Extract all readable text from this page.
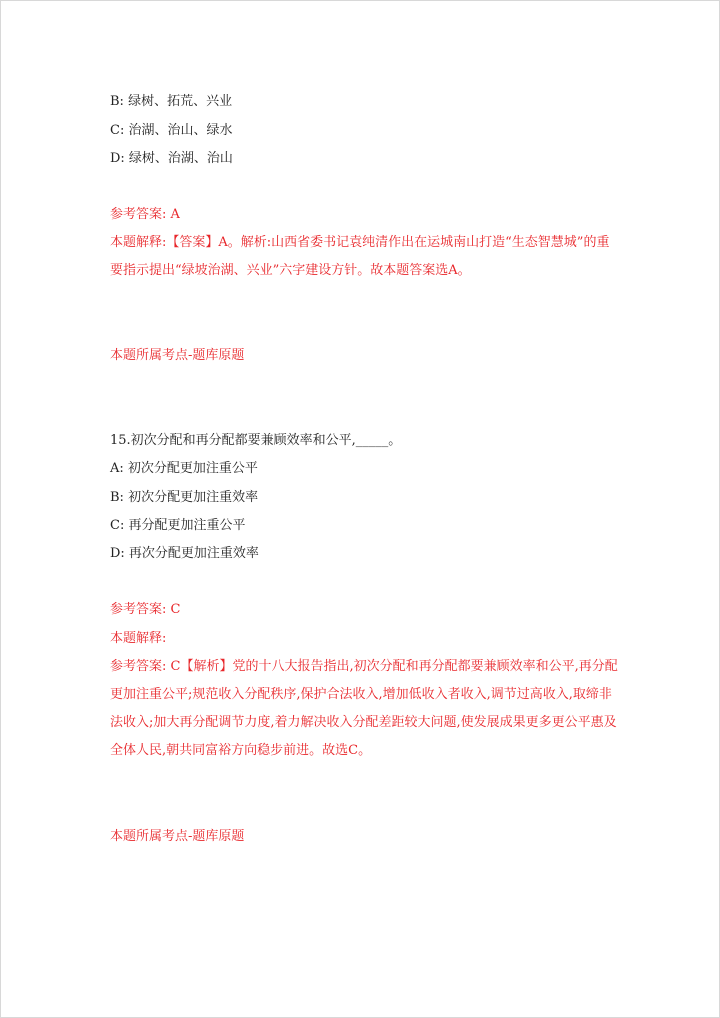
B: 绿树、拓荒、兴业
C: 治湖、治山、绿水
D: 绿树、治湖、治山
参考答案: A
本题解释:【答案】A。解析:山西省委书记袁纯清作出在运城南山打造“生态智慧城”的重要指示提出“绿坡治湖、兴业”六字建设方针。故本题答案选A。
本题所属考点-题库原题
15.初次分配和再分配都要兼顾效率和公平,_____。
A: 初次分配更加注重公平
B: 初次分配更加注重效率
C: 再分配更加注重公平
D: 再次分配更加注重效率
参考答案: C
本题解释:
参考答案: C【解析】党的十八大报告指出,初次分配和再分配都要兼顾效率和公平,再分配更加注重公平;规范收入分配秩序,保护合法收入,增加低收入者收入,调节过高收入,取缔非法收入;加大再分配调节力度,着力解决收入分配差距较大问题,使发展成果更多更公平惠及全体人民,朝共同富裕方向稳步前进。故选C。
本题所属考点-题库原题
